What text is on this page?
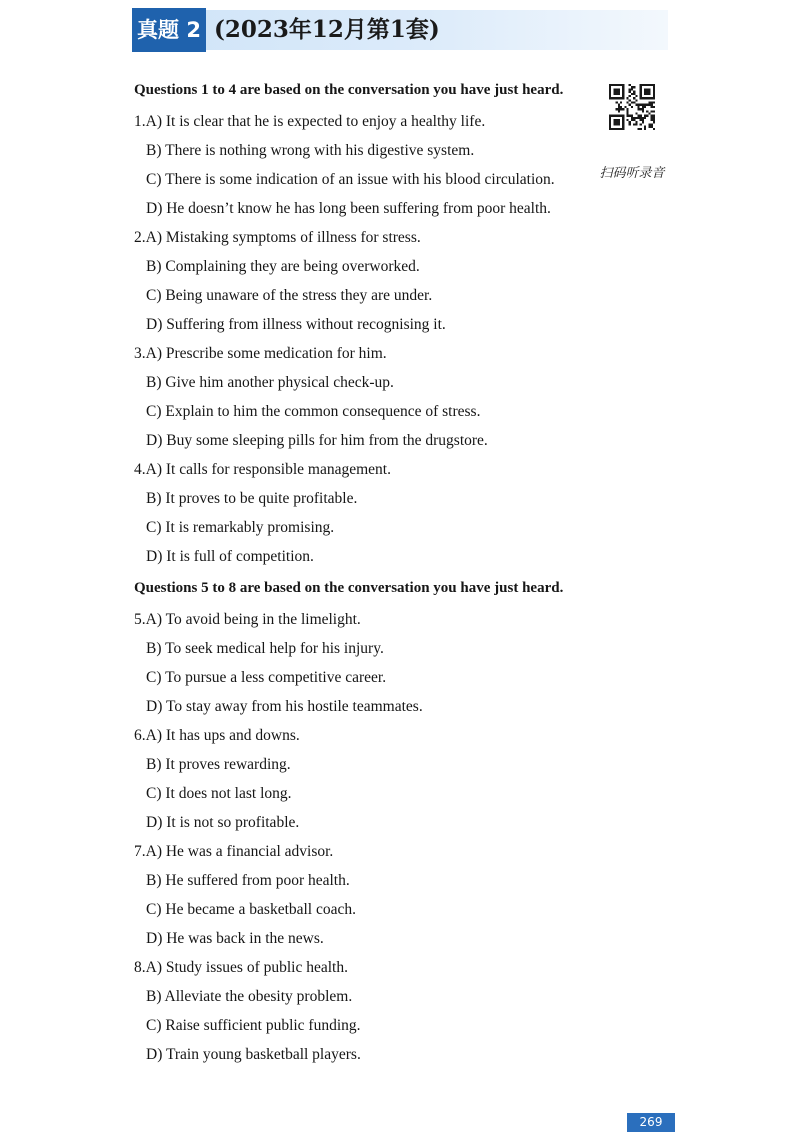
真题 2 (2023年12月第1套)
Questions 1 to 4 are based on the conversation you have just heard.
1.A) It is clear that he is expected to enjoy a healthy life.
B) There is nothing wrong with his digestive system.
C) There is some indication of an issue with his blood circulation.
D) He doesn’t know he has long been suffering from poor health.
2.A) Mistaking symptoms of illness for stress.
B) Complaining they are being overworked.
C) Being unaware of the stress they are under.
D) Suffering from illness without recognising it.
3.A) Prescribe some medication for him.
B) Give him another physical check-up.
C) Explain to him the common consequence of stress.
D) Buy some sleeping pills for him from the drugstore.
4.A) It calls for responsible management.
B) It proves to be quite profitable.
C) It is remarkably promising.
D) It is full of competition.
Questions 5 to 8 are based on the conversation you have just heard.
5.A) To avoid being in the limelight.
B) To seek medical help for his injury.
C) To pursue a less competitive career.
D) To stay away from his hostile teammates.
6.A) It has ups and downs.
B) It proves rewarding.
C) It does not last long.
D) It is not so profitable.
7.A) He was a financial advisor.
B) He suffered from poor health.
C) He became a basketball coach.
D) He was back in the news.
8.A) Study issues of public health.
B) Alleviate the obesity problem.
C) Raise sufficient public funding.
D) Train young basketball players.
扫码听录音
269
